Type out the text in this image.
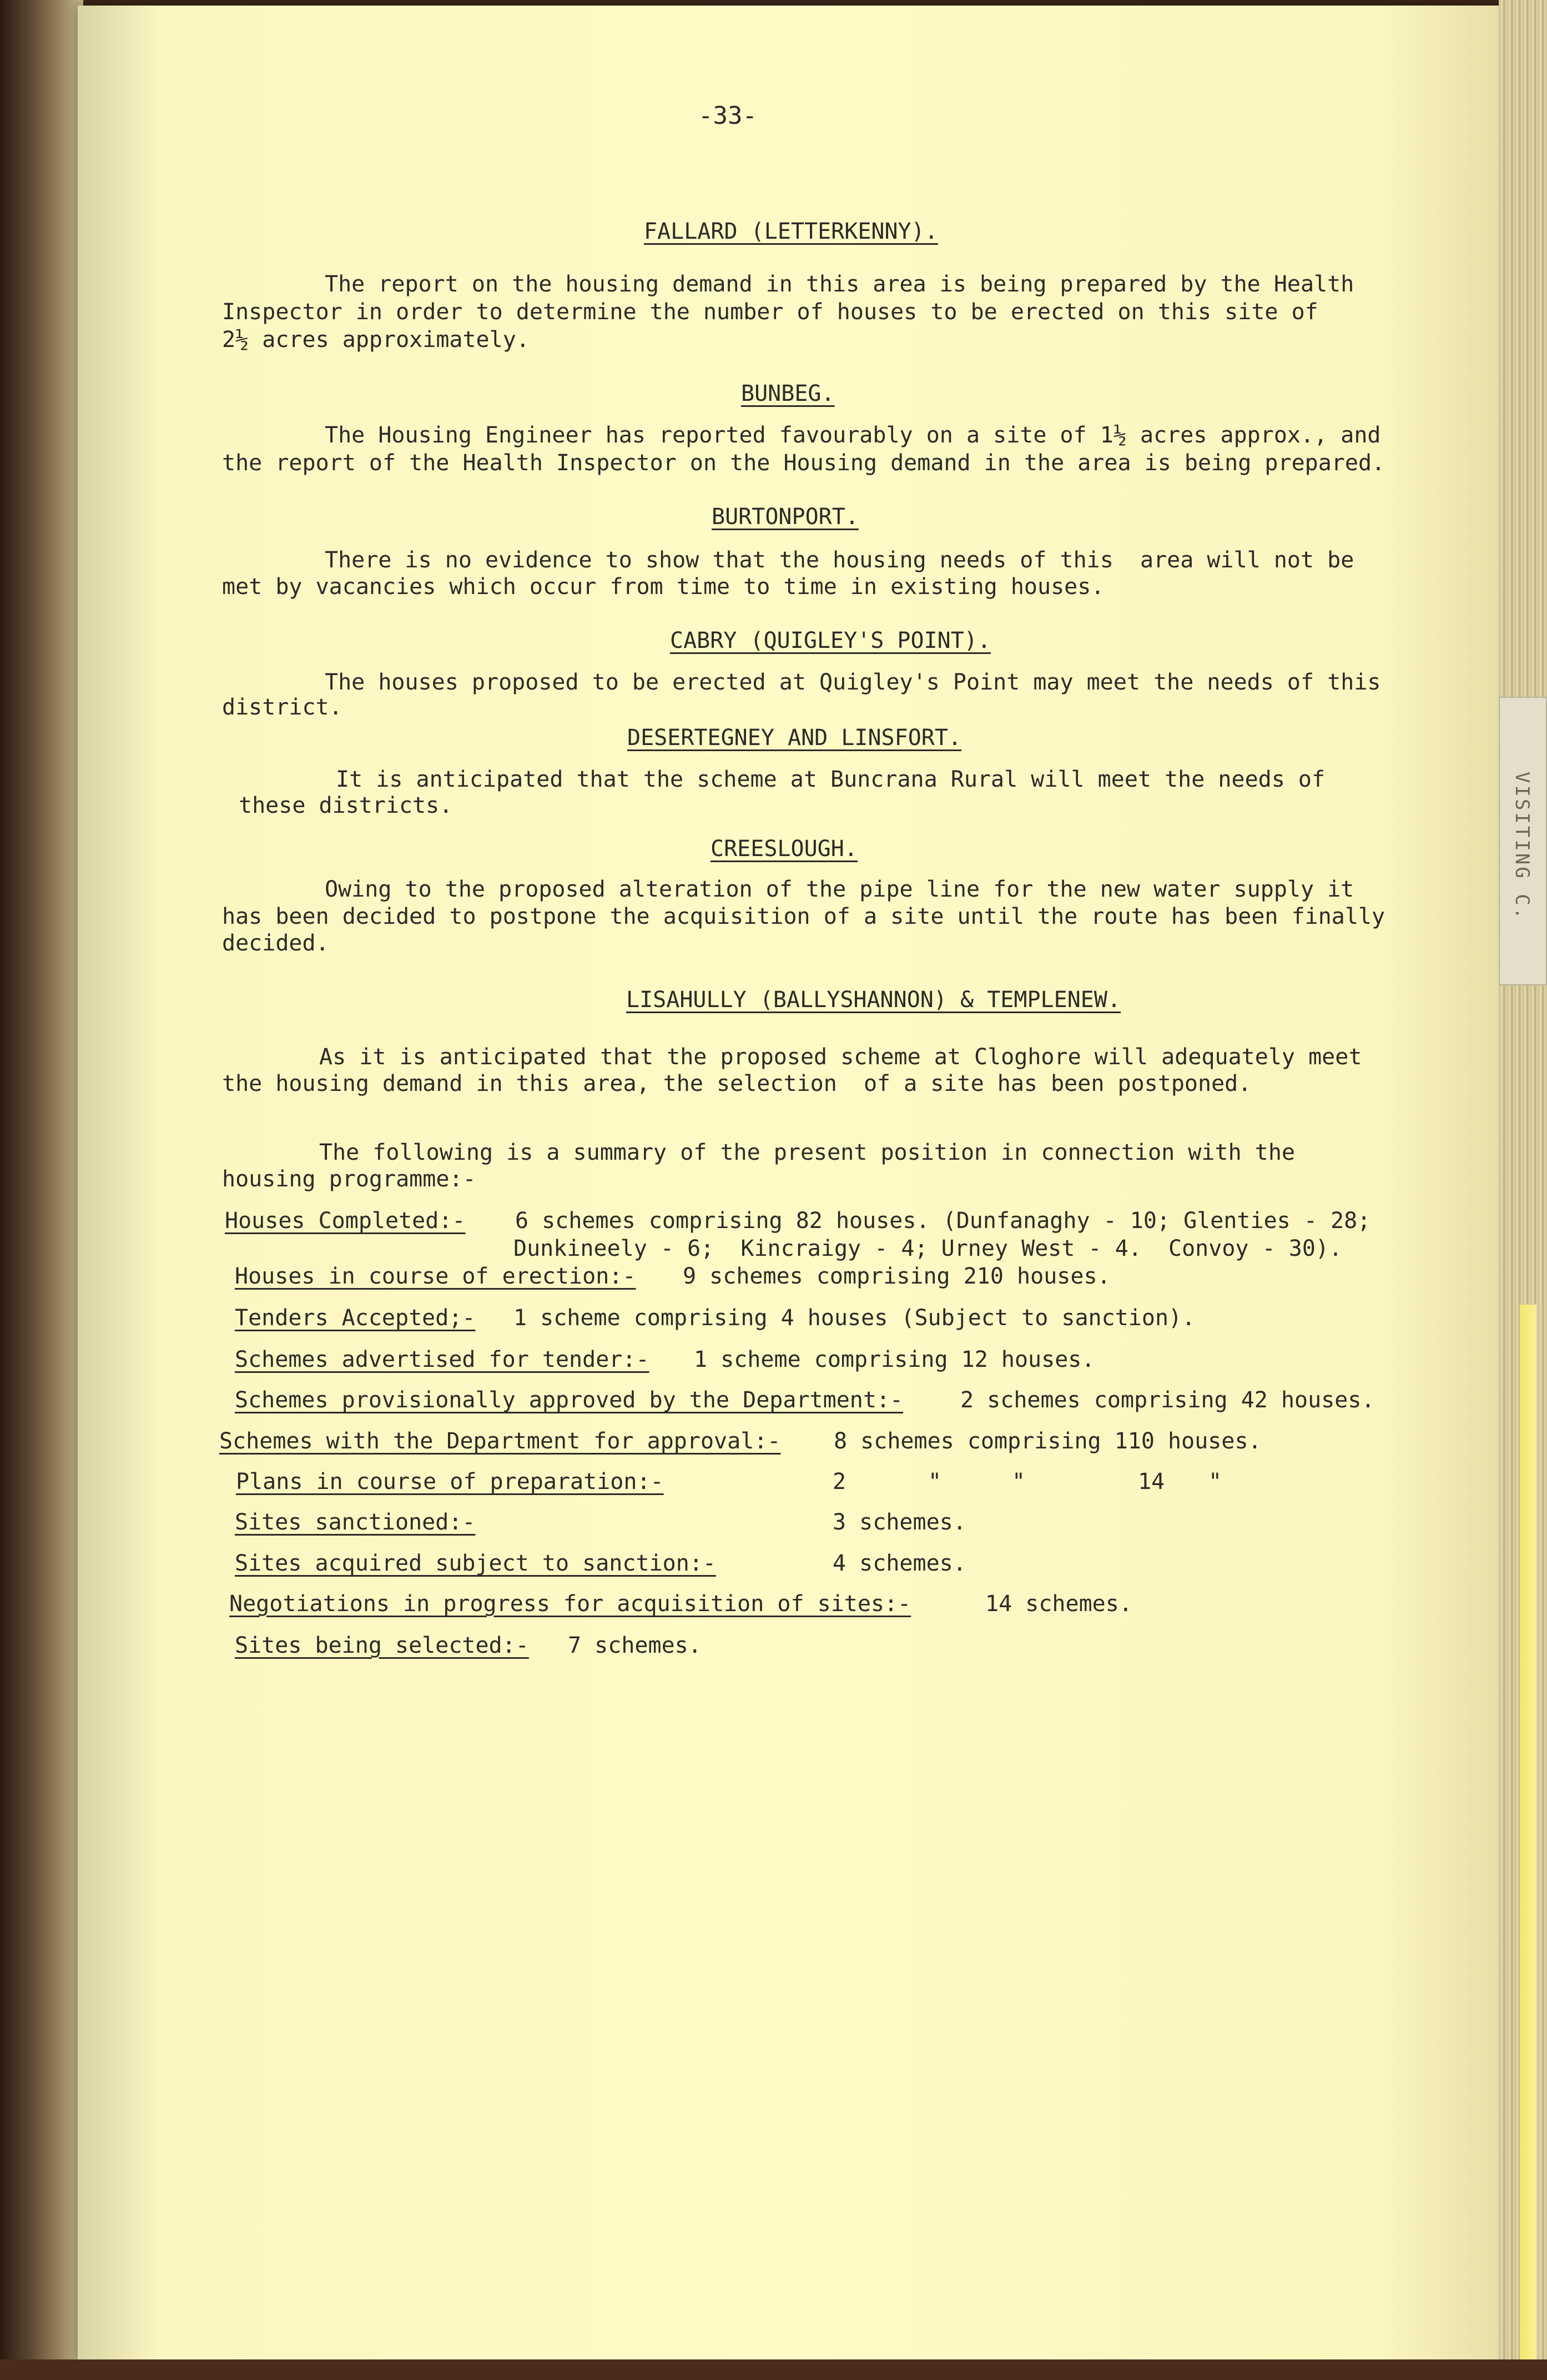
VISITING C.

-33-

FALLARD (LETTERKENNY).

The report on the housing demand in this area is being prepared by the Health

Inspector in order to determine the number of houses to be erected on this site of

2½ acres approximately.

BUNBEG.

The Housing Engineer has reported favourably on a site of 1½ acres approx., and

the report of the Health Inspector on the Housing demand in the area is being prepared.

BURTONPORT.

There is no evidence to show that the housing needs of this  area will not be

met by vacancies which occur from time to time in existing houses.

CABRY (QUIGLEY'S POINT).

The houses proposed to be erected at Quigley's Point may meet the needs of this

district.

DESERTEGNEY AND LINSFORT.

It is anticipated that the scheme at Buncrana Rural will meet the needs of

these districts.

CREESLOUGH.

Owing to the proposed alteration of the pipe line for the new water supply it

has been decided to postpone the acquisition of a site until the route has been finally

decided.

LISAHULLY (BALLYSHANNON) & TEMPLENEW.

As it is anticipated that the proposed scheme at Cloghore will adequately meet

the housing demand in this area, the selection  of a site has been postponed.

The following is a summary of the present position in connection with the

housing programme:-

Houses Completed:- 6 schemes comprising 82 houses. (Dunfanaghy - 10; Glenties - 28;

Dunkineely - 6;  Kincraigy - 4; Urney West - 4.  Convoy - 30).

Houses in course of erection:- 9 schemes comprising 210 houses.

Tenders Accepted;- 1 scheme comprising 4 houses (Subject to sanction).

Schemes advertised for tender:- 1 scheme comprising 12 houses.

Schemes provisionally approved by the Department:-	2 schemes comprising 42 houses.

Schemes with the Department for approval:- 8 schemes comprising 110 houses.

Plans in course of preparation:-	2	"	"	14 "

Sites sanctioned:-	3 schemes.

Sites acquired subject to sanction:-	4 schemes.

Negotiations in progress for acquisition of sites:-	14 schemes.

Sites being selected:- 7 schemes.
